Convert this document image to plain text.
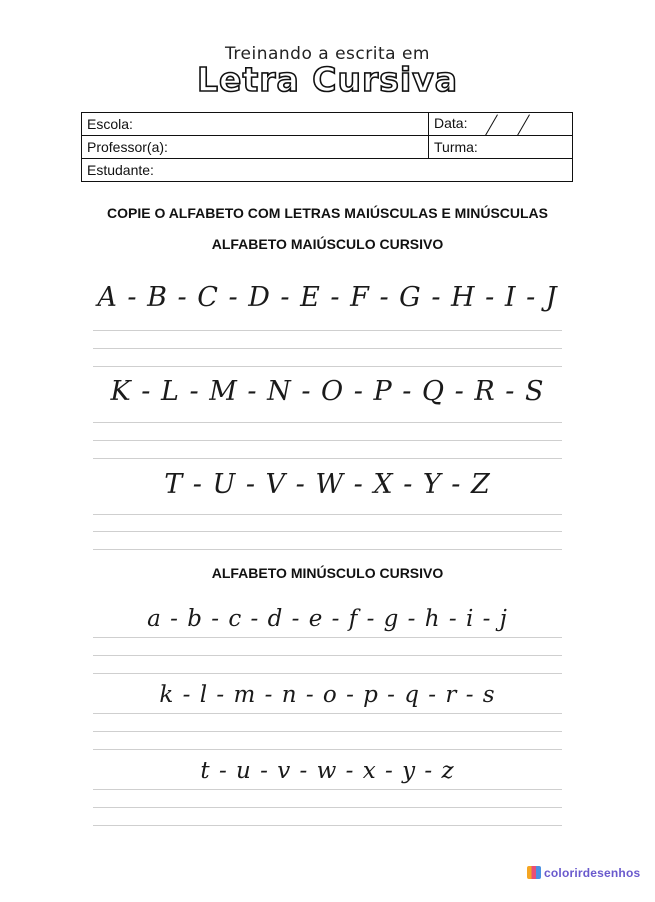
Treinando a escrita em
Letra Cursiva
Escola:	Data:
Professor(a):	Turma:
Estudante:	
COPIE O ALFABETO COM LETRAS MAIÚSCULAS E MINÚSCULAS
ALFABETO MAIÚSCULO CURSIVO
A - B - C - D - E - F - G - H - I - J
K - L - M - N - O - P - Q - R - S
T - U - V - W - X - Y - Z
ALFABETO MINÚSCULO CURSIVO
a - b - c - d - e - f - g - h - i - j
k - l - m - n - o - p - q - r - s
t - u - v - w - x - y - z
colorirdesenhos
